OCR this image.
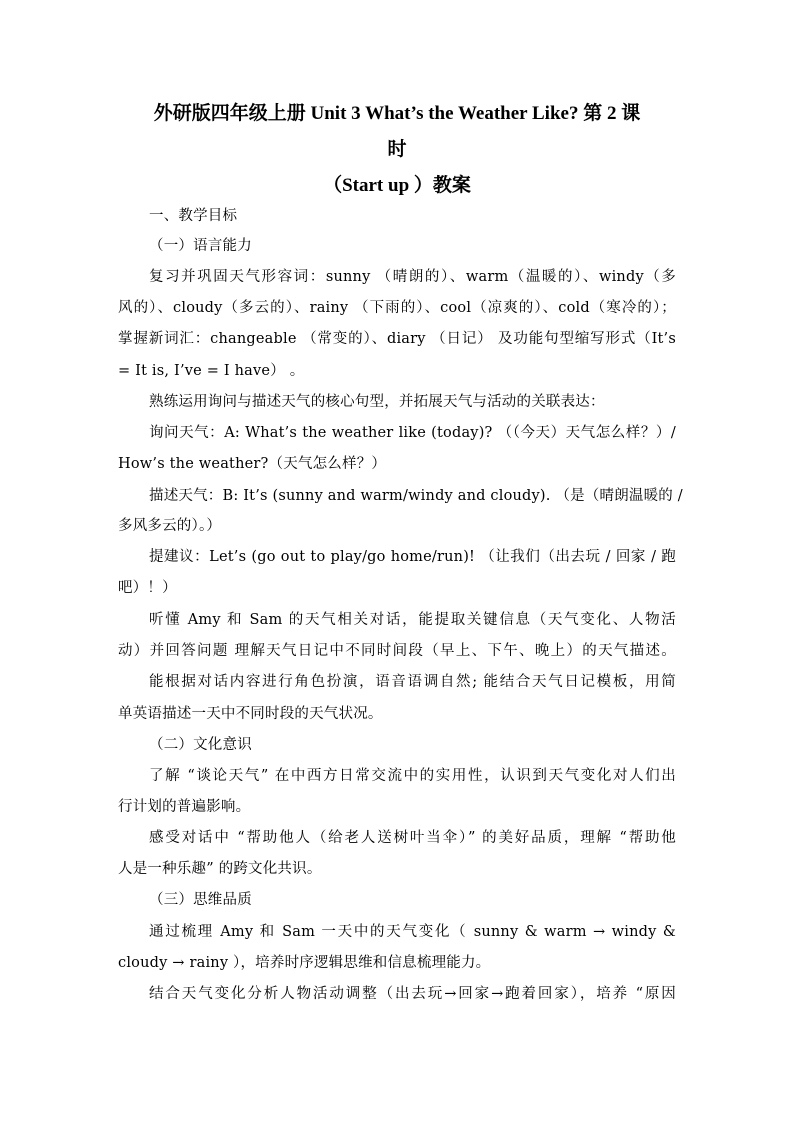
外研版四年级上册 Unit 3 What’s the Weather Like? 第 2 课
时
（Start up ）教案
一、教学目标
（一）语言能力
复习并巩固天气形容词：sunny （晴朗的）、warm（温暖的）、windy（多
风的）、cloudy（多云的）、rainy （下雨的）、cool（凉爽的）、cold（寒冷的）；
掌握新词汇：changeable （常变的）、diary （日记） 及功能句型缩写形式（It’s
= It is, I’ve = I have） 。
熟练运用询问与描述天气的核心句型，并拓展天气与活动的关联表达：
询问天气：A: What’s the weather like (today)? （（今天）天气怎么样？）/
How’s the weather?（天气怎么样？）
描述天气：B: It’s (sunny and warm/windy and cloudy). （是（晴朗温暖的 /
多风多云的）。）
提建议：Let’s (go out to play/go home/run)! （让我们（出去玩 / 回家 / 跑
吧）！）
听懂 Amy 和 Sam 的天气相关对话，能提取关键信息（天气变化、人物活
动）并回答问题 理解天气日记中不同时间段（早上、下午、晚上）的天气描述。
能根据对话内容进行角色扮演，语音语调自然; 能结合天气日记模板，用简
单英语描述一天中不同时段的天气状况。
（二）文化意识
了解 “谈论天气” 在中西方日常交流中的实用性，认识到天气变化对人们出
行计划的普遍影响。
感受对话中 “帮助他人（给老人送树叶当伞）” 的美好品质，理解 “帮助他
人是一种乐趣” 的跨文化共识。
（三）思维品质
通过梳理 Amy 和 Sam 一天中的天气变化（ sunny & warm → windy &
cloudy → rainy ），培养时序逻辑思维和信息梳理能力。
结合天气变化分析人物活动调整（出去玩→回家→跑着回家），培养 “原因
